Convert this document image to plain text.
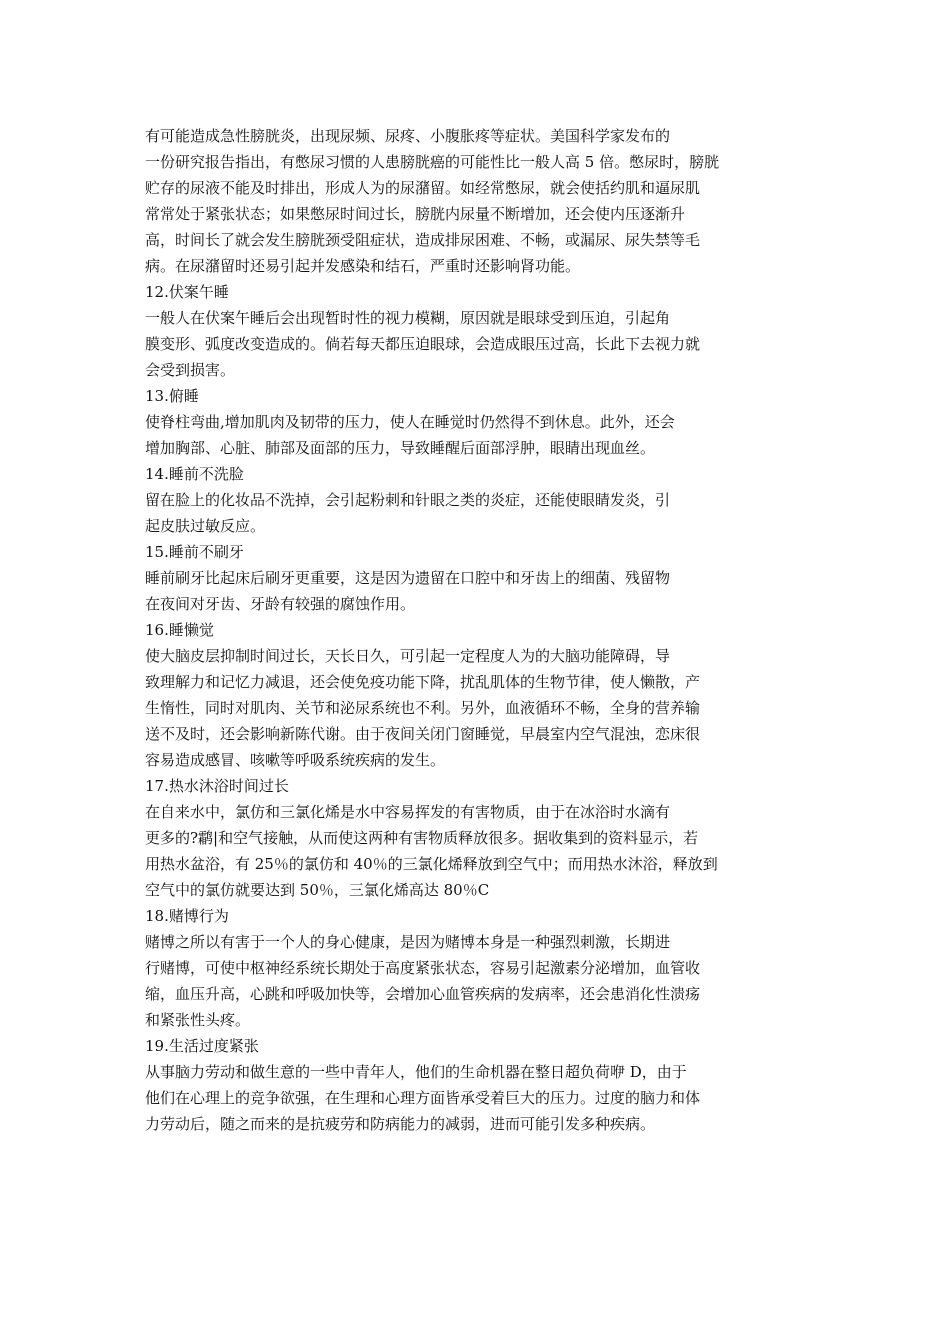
有可能造成急性膀胱炎，出现尿频、尿疼、小腹胀疼等症状。美国科学家发布的
一份研究报告指出，有憋尿习惯的人患膀胱癌的可能性比一般人高 5 倍。憋尿时，膀胱
贮存的尿液不能及时排出，形成人为的尿潴留。如经常憋尿，就会使括约肌和逼尿肌
常常处于紧张状态；如果憋尿时间过长，膀胱内尿量不断增加，还会使内压逐渐升
高，时间长了就会发生膀胱颈受阻症状，造成排尿困难、不畅，或漏尿、尿失禁等毛
病。在尿潴留时还易引起并发感染和结石，严重时还影响肾功能。
12.伏案午睡
一般人在伏案午睡后会出现暂时性的视力模糊，原因就是眼球受到压迫，引起角
膜变形、弧度改变造成的。倘若每天都压迫眼球，会造成眼压过高，长此下去视力就
会受到损害。
13.俯睡
使脊柱弯曲,增加肌肉及韧带的压力，使人在睡觉时仍然得不到休息。此外，还会
增加胸部、心脏、肺部及面部的压力，导致睡醒后面部浮肿，眼睛出现血丝。
14.睡前不洗脸
留在脸上的化妆品不洗掉，会引起粉刺和针眼之类的炎症，还能使眼睛发炎，引
起皮肤过敏反应。
15.睡前不刷牙
睡前刷牙比起床后刷牙更重要，这是因为遗留在口腔中和牙齿上的细菌、残留物
在夜间对牙齿、牙龄有较强的腐蚀作用。
16.睡懒觉
使大脑皮层抑制时间过长，天长日久，可引起一定程度人为的大脑功能障碍，导
致理解力和记忆力减退，还会使免疫功能下降，扰乱肌体的生物节律，使人懒散，产
生惰性，同时对肌肉、关节和泌尿系统也不利。另外，血液循环不畅，全身的营养输
送不及时，还会影响新陈代谢。由于夜间关闭门窗睡觉，早晨室内空气混浊，恋床很
容易造成感冒、咳嗽等呼吸系统疾病的发生。
17.热水沐浴时间过长
在自来水中，氯仿和三氯化烯是水中容易挥发的有害物质，由于在冰浴时水滴有
更多的?鹴|和空气接触，从而使这两种有害物质释放很多。据收集到的资料显示，若
用热水盆浴，有 25％的氯仿和 40％的三氯化烯释放到空气中；而用热水沐浴，释放到
空气中的氯仿就要达到 50％，三氯化烯高达 80％C
18.赌博行为
赌博之所以有害于一个人的身心健康，是因为赌博本身是一种强烈刺激，长期进
行赌博，可使中枢神经系统长期处于高度紧张状态，容易引起激素分泌增加，血管收
缩，血压升高，心跳和呼吸加快等，会增加心血管疾病的发病率，还会患消化性溃疡
和紧张性头疼。
19.生活过度紧张
从事脑力劳动和做生意的一些中青年人，他们的生命机器在整日超负荷咿 D，由于
他们在心理上的竞争欲强，在生理和心理方面皆承受着巨大的压力。过度的脑力和体
力劳动后，随之而来的是抗疲劳和防病能力的减弱，进而可能引发多种疾病。
